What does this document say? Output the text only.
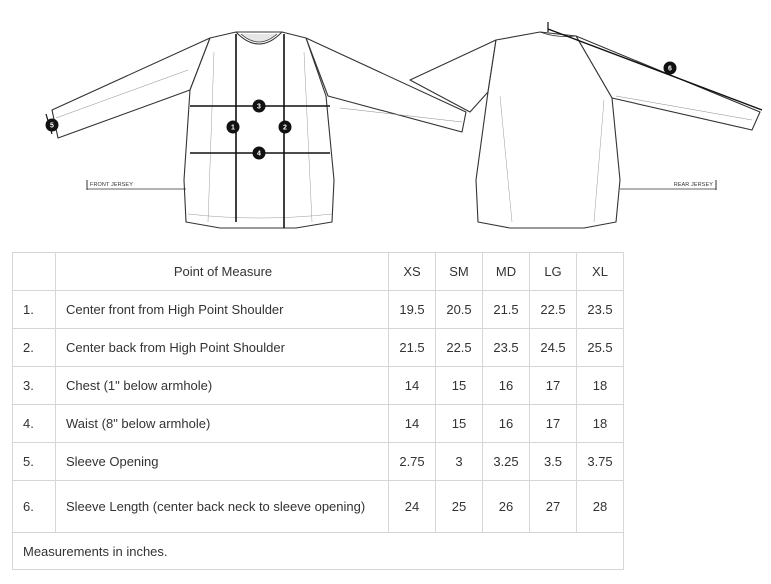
3
1	2
4
5
FRONT JERSEY
6
REAR JERSEY
	Point of Measure	XS	SM	MD	LG	XL
1.	Center front from High Point Shoulder	19.5	20.5	21.5	22.5	23.5
2.	Center back from High Point Shoulder	21.5	22.5	23.5	24.5	25.5
3.	Chest (1" below armhole)	14	15	16	17	18
4.	Waist (8" below armhole)	14	15	16	17	18
5.	Sleeve Opening	2.75	3	3.25	3.5	3.75
6.	Sleeve Length (center back neck to sleeve opening)	24	25	26	27	28
Measurements in inches.						
